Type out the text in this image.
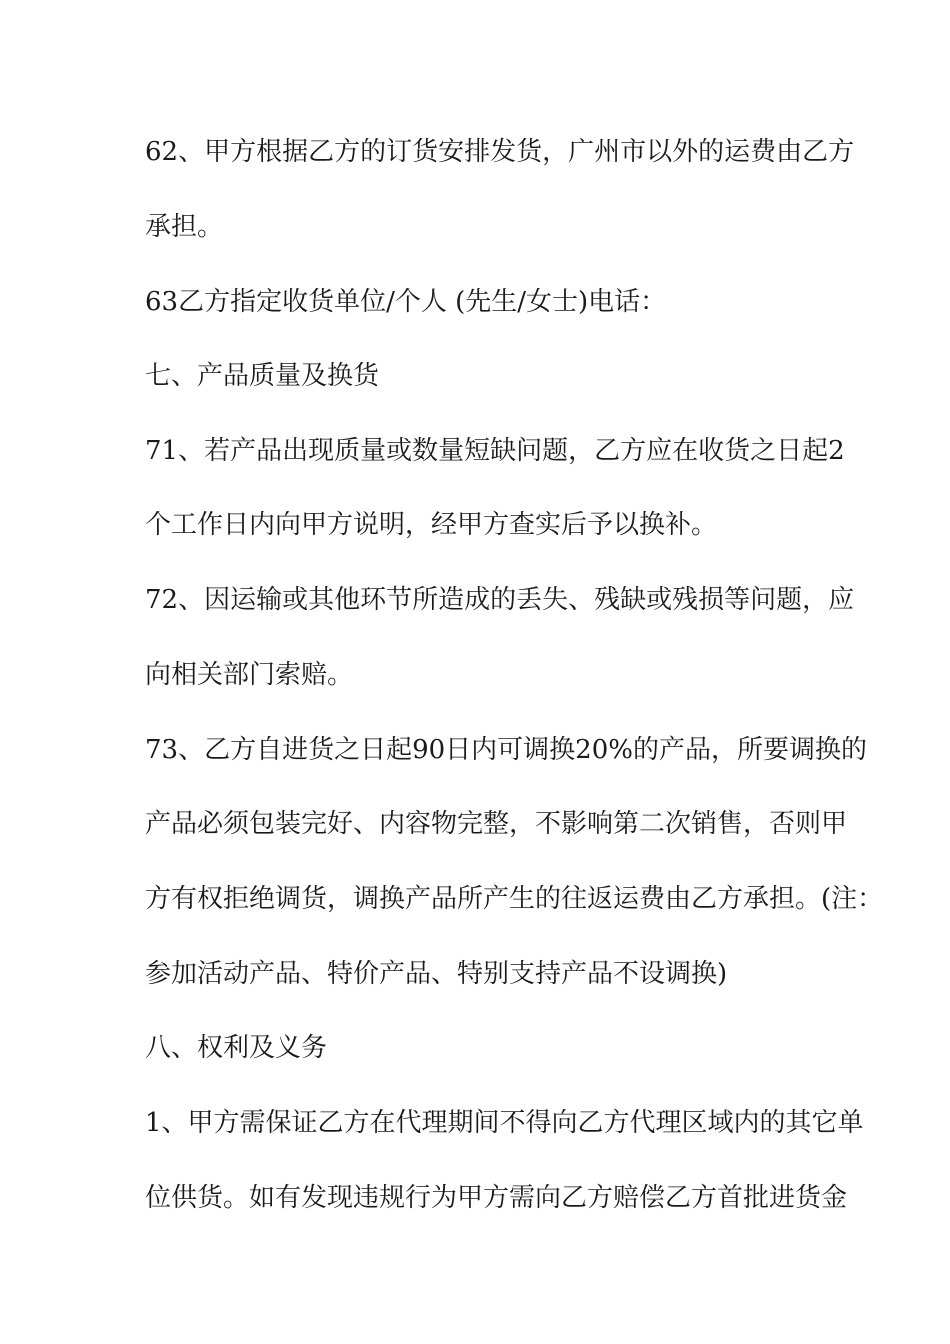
62、甲方根据乙方的订货安排发货，广州市以外的运费由乙方
承担。
63乙方指定收货单位/个人 (先生/女士)电话：
七、产品质量及换货
71、若产品出现质量或数量短缺问题，乙方应在收货之日起2
个工作日内向甲方说明，经甲方查实后予以换补。
72、因运输或其他环节所造成的丢失、残缺或残损等问题，应
向相关部门索赔。
73、乙方自进货之日起90日内可调换20%的产品，所要调换的
产品必须包装完好、内容物完整，不影响第二次销售，否则甲
方有权拒绝调货，调换产品所产生的往返运费由乙方承担。(注：
参加活动产品、特价产品、特别支持产品不设调换)
八、权利及义务
1、甲方需保证乙方在代理期间不得向乙方代理区域内的其它单
位供货。如有发现违规行为甲方需向乙方赔偿乙方首批进货金
